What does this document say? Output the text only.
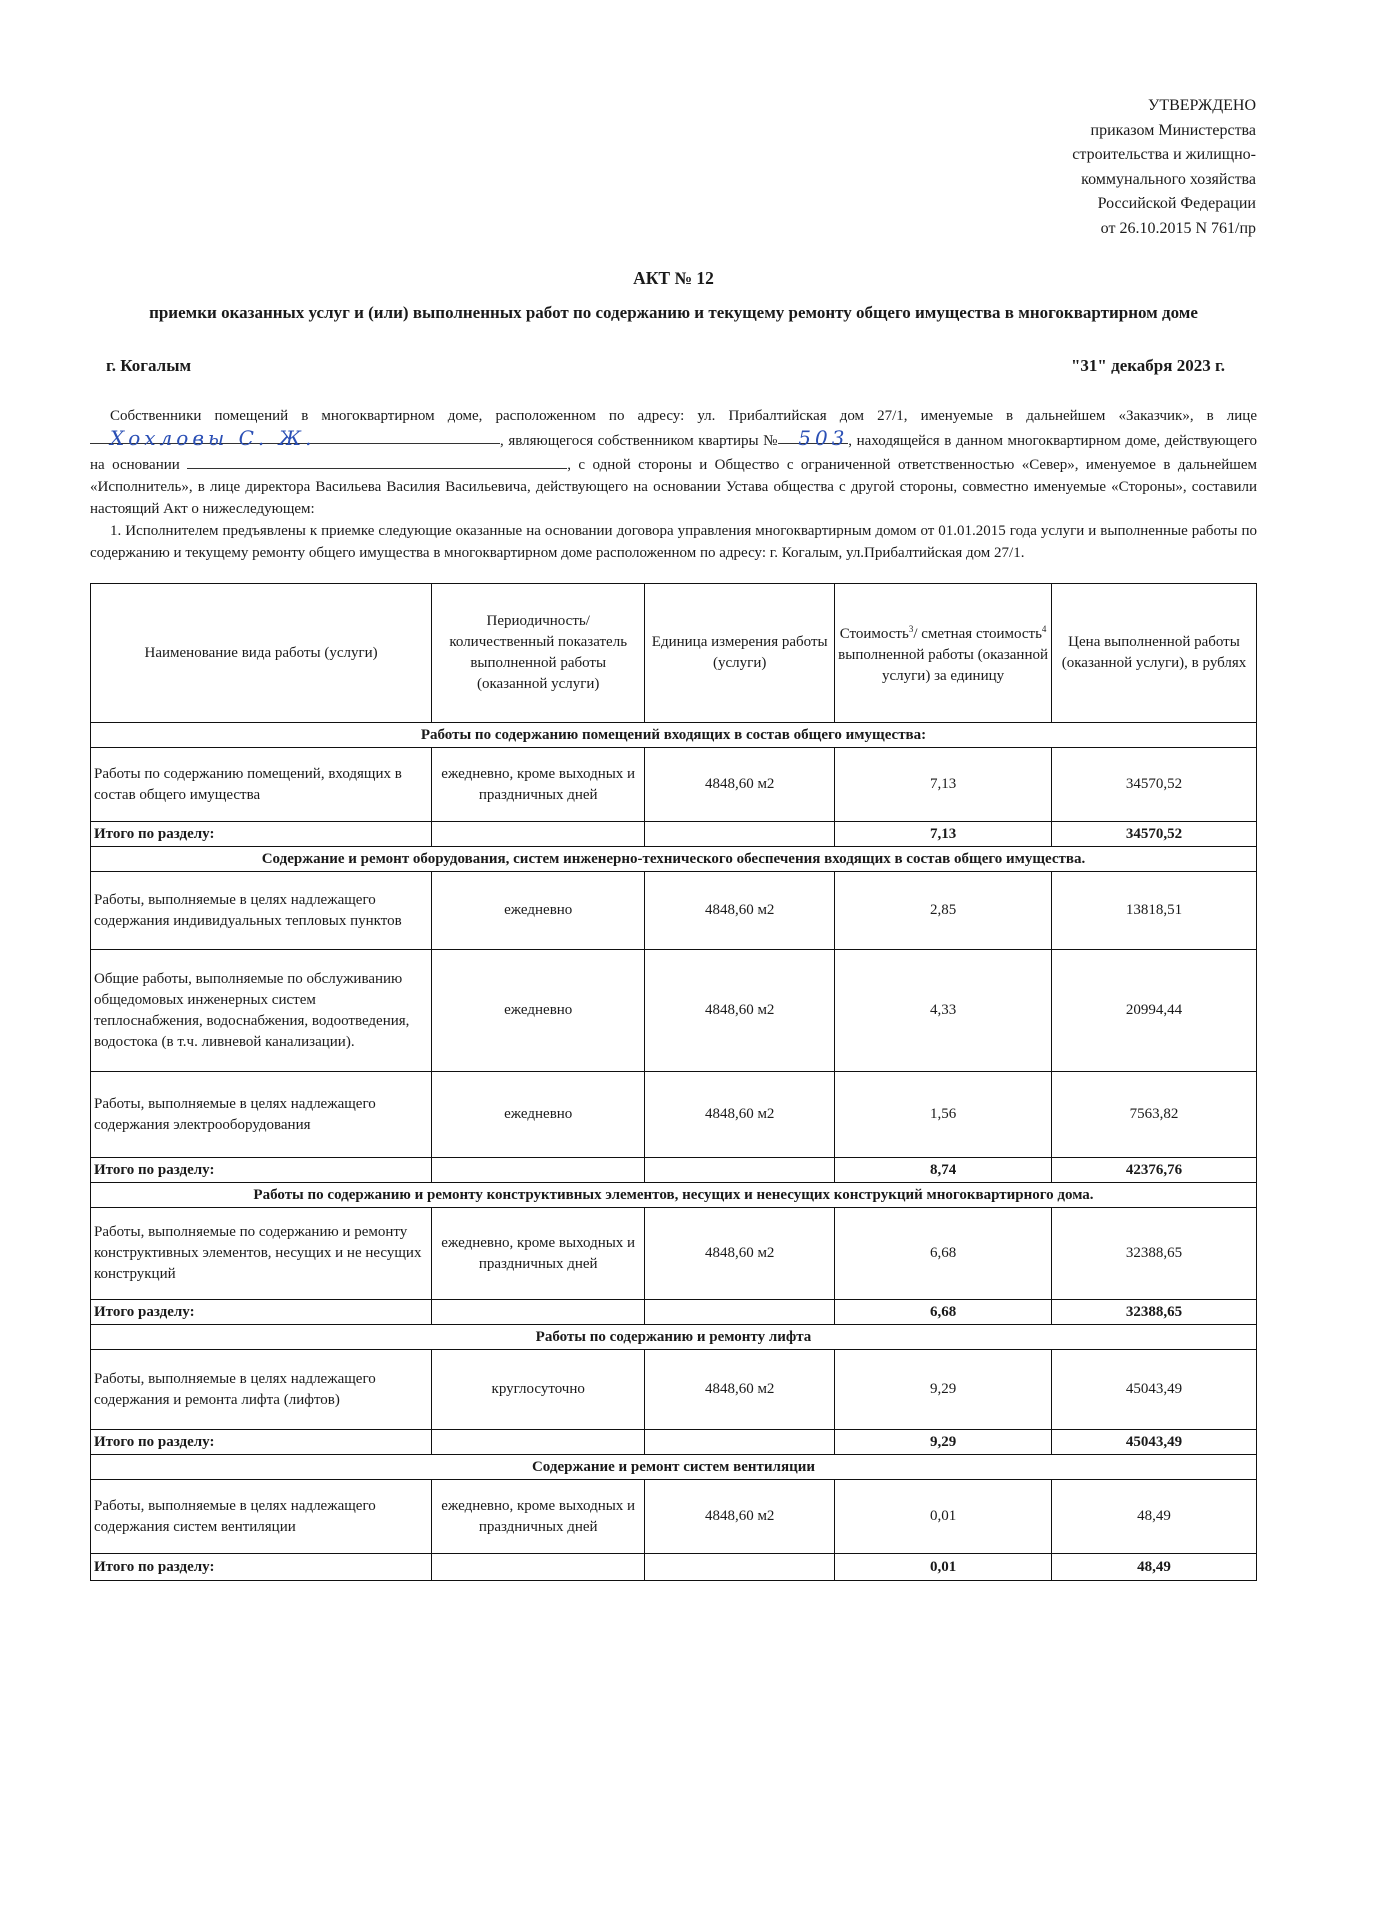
УТВЕРЖДЕНО
приказом Министерства
строительства и жилищно-
коммунального хозяйства
Российской Федерации
от 26.10.2015 N 761/пр
АКТ № 12
приемки оказанных услуг и (или) выполненных работ по содержанию и текущему ремонту общего имущества в многоквартирном доме
г. Когалым	"31" декабря 2023 г.

Собственники помещений в многоквартирном доме, расположенном по адресу: ул. Прибалтийская дом 27/1, именуемые в дальнейшем «Заказчик», в лице Хохловы С. Ж.	, являющегося собственником квартиры № 503, находящейся в данном многоквартирном доме, действующего на основании	, с одной стороны и Общество с ограниченной ответственностью «Север», именуемое в дальнейшем «Исполнитель», в лице директора Васильева Василия Васильевича, действующего на основании Устава общества с другой стороны, совместно именуемые «Стороны», составили настоящий Акт о нижеследующем:

1. Исполнителем предъявлены к приемке следующие оказанные на основании договора управления многоквартирным домом от 01.01.2015 года услуги и выполненные работы по содержанию и текущему ремонту общего имущества в многоквартирном доме расположенном по адресу: г. Когалым, ул.Прибалтийская дом 27/1.

Наименование вида работы (услуги)	Периодичность/ количественный показатель выполненной работы (оказанной услуги)	Единица измерения работы (услуги)	Стоимость$^3$/ сметная стоимость$^4$ выполненной работы (оказанной услуги) за единицу	Цена выполненной работы (оказанной услуги), в рублях
Работы по содержанию помещений входящих в состав общего имущества:				
Работы по содержанию помещений, входящих в состав общего имущества	ежедневно, кроме выходных и праздничных дней	4848,60 м2	7,13	34570,52
Итого по разделу:			7,13	34570,52
Содержание и ремонт оборудования, систем инженерно-технического обеспечения входящих в состав общего имущества.				
Работы, выполняемые в целях надлежащего содержания индивидуальных тепловых пунктов	ежедневно	4848,60 м2	2,85	13818,51
Общие работы, выполняемые по обслуживанию общедомовых инженерных систем теплоснабжения, водоснабжения, водоотведения, водостока (в т.ч. ливневой канализации).	ежедневно	4848,60 м2	4,33	20994,44
Работы, выполняемые в целях надлежащего содержания электрооборудования	ежедневно	4848,60 м2	1,56	7563,82
Итого по разделу:			8,74	42376,76
Работы по содержанию и ремонту конструктивных элементов, несущих и ненесущих конструкций многоквартирного дома.				
Работы, выполняемые по содержанию и ремонту конструктивных элементов, несущих и не несущих конструкций	ежедневно, кроме выходных и праздничных дней	4848,60 м2	6,68	32388,65
Итого разделу:			6,68	32388,65
Работы по содержанию и ремонту лифта				
Работы, выполняемые в целях надлежащего содержания и ремонта лифта (лифтов)	круглосуточно	4848,60 м2	9,29	45043,49
Итого по разделу:			9,29	45043,49
Содержание и ремонт систем вентиляции				
Работы, выполняемые в целях надлежащего содержания систем вентиляции	ежедневно, кроме выходных и праздничных дней	4848,60 м2	0,01	48,49
Итого по разделу:			0,01	48,49
